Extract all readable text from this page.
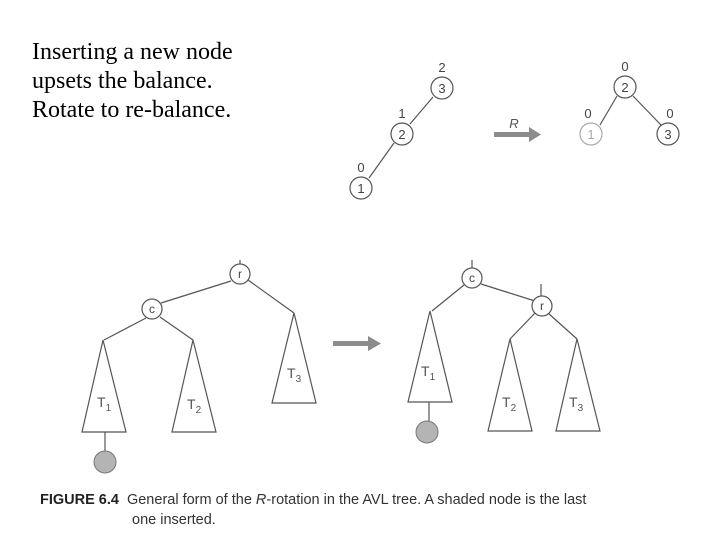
Inserting a new node
upsets the balance.
Rotate to re-balance.
3
2
2
1
1
0
2
0
1
0
3
0
R
r
c
c
r
$T_1$	$T_2$
$T_3$
$T_1$
$T_2$	$T_3$
FIGURE 6.4 General form of the R-rotation in the AVL tree. A shaded node is the last
one inserted.
